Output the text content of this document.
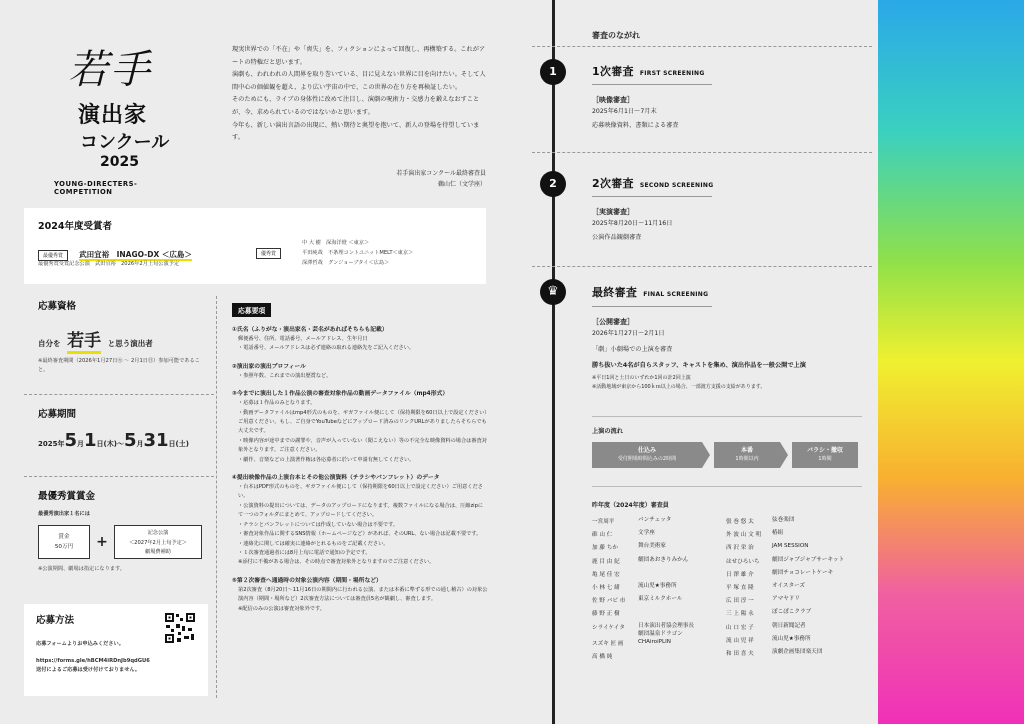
若手
演出家
コンクール
2025
YOUNG-DIRECTERS-COMPETITION

現実世界での「不在」や「喪失」を、フィクションによって回復し、再構築する。これがアートの特権だと思います。

演劇も、われわれの人間界を取り巻いている、目に見えない世界に目を向けたい。そして人間中心の価値観を超え、より広い宇宙の中で、この世界の在り方を再検証したい。

そのためにも、ライブの身体性に改めて注目し、演劇の呪術力・交感力を鍛えなおすことが、今、求められているのではないかと思います。

今年も、新しい演出言語の出現に、熱い期待と奥望を抱いて、新人の登場を待望しています。

若手演出家コンクール最終審査員
鵜山仁（文学座）
2024年度受賞者
最優秀賞 武田宜裕　INAGO-DX ＜広島＞
最優秀賞受賞記念公演　武田宜裕　2026年2月上旬公演予定
優秀賞
中 大 樹　深海洋燈 ＜東京＞
平田純哉　不条理コントユニットMELT＜東京＞
深澤哲哉　グンジョーブタイ＜広島＞
応募資格
自分を 若手 と思う演出者
※最終審査期間（2026年1月27日㊋ ～ 2月1日㊐）参加可能であること。
応募期間
2025年5月1日(木)～5月31日(土)
最優秀賞賞金
最優秀演出家１名には
賞金
50万円	+
記念公演
＜2027年2月上旬予定＞
劇場費補助
※公演期間、劇場は指定になります。
応募方法
応募フォームよりお申込みください。
https://forms.gle/hBCM4iRDnJb9qdGU6
送付によるご応募は受け付けておりません。
応募要項
①氏名（ふりがな・演出家名・芸名があればそちらも記載）
郵便番号、住所、電話番号、メールアドレス、生年月日
・電話番号、メールアドレスは必ず連絡の取れる連絡先をご記入ください。
②演出家の演出プロフィール
・参照年数、これまでの演出歴賞など。
③今までに演出した１作品公演の審査対象作品の動画データファイル（mp4形式）
・応募は１作品のみとなります。
・動画データファイルはmp4形式のものを、ギガファイル便にして（保持期限を60日以上で設定ください）ご用意ください。もし、ご自身でYouTubeなどにアップロード済みのリンクURLがありましたらそちらでも大丈夫です。
・映像内容が途中までの謝罪や、音声が入っていない（聞こえない）等の不完全な映像資料の場合は審査対象外となります。ご注意ください。
・劇作、音楽などの上演著作権は各応募者に於いて申請有無してください。
④提出映像作品の上演台本とその他公演資料（チラシやパンフレット）のデータ
・台本はPDF形式のものを、ギガファイル便にして（保持期限を60日以上で設定ください）ご用意ください。
・公演資料の提出については、データのアップロードになります。複数ファイルになる場合は、圧縮zipにて一つのフォルダにまとめて、アップロードしてください。
・チラシとパンフレットについては作成していない場合は不要です。
・審査対象作品に関するSNS情報（ホームページなど）があれば、そのURL、ない場合は記載不要です。
・連絡先に関しては確実に連絡がとれるものをご記載ください。
・１次審査通過者には8月上旬に電話で通知の予定です。
※添付に不備がある場合は、その時点で審査対象外となりますのでご注意ください。
⑤第２次審査へ通過時の対象公演内容（期間・場所など）
第2次審査（8月20日～11月16日の期間内に行われる公演、または本番に準ずる形での通し稽古）の対象公演内容（期間・場所など）2次審査方法については審査員5名が観劇し、審査します。
※配信のみの公演は審査対象外です。
審査のながれ
1	1次審査 FIRST SCREENING
［映像審査］
2025年6月1日～7月末
応募映像資料、書類による審査
2	2次審査 SECOND SCREENING
［実演審査］
2025年8月20日～11月16日
公演作品観劇審査
♛	最終審査 FINAL SCREENING
［公開審査］
2026年1月27日～2月1日
「劇」小劇場での上演を審査
勝ち抜いた4名が自らスタッフ、キャストを集め、演出作品を一般公開で上演
※平日1回と土日のいずれか1回の計2回上演
※活動地域が東京から100ｋｍ以上の場合、一部渡方支援の支給があります。
上演の流れ
仕込み
受付開場時間込みの2時間
本番
1時間以内
バラシ・撤収
1時間
昨年度（2024年度）審査員
一宮周平	パンチェッタ
碓 山 仁	文学座
加 藤 ちか	舞台美術家
鹿 目 由 紀	劇団あおきりみかん
亀 尾 佳 宏
小 林 七 緒	流山児★事務所
佐 野 バビ 市	東京ミルクホール
藤 野 正 樹
シライケイタ	日本演出者協会理事長
劇団温泉ドラゴン
スズキ 匠 画	CHAiroiPLIN
高 橋 純
張 巻 悠 太	弦巻楽団
外 波 山 文 明	椿組
西 沢 栄 治	JAM SESSION
はせひろいち	劇団ジャブジャブサーキット
日 澤 雄 介	劇団チョコレートケーキ
平 塚 直 隆	オイスターズ
広 田 淳 一	アマヤドリ
三 上 陽 永	ぽこぽこクラブ
山 口 宏 子	朝日新聞記者
流 山 児 祥	流山児★事務所
和 田 喜 夫	演劇企画集団楽天団
